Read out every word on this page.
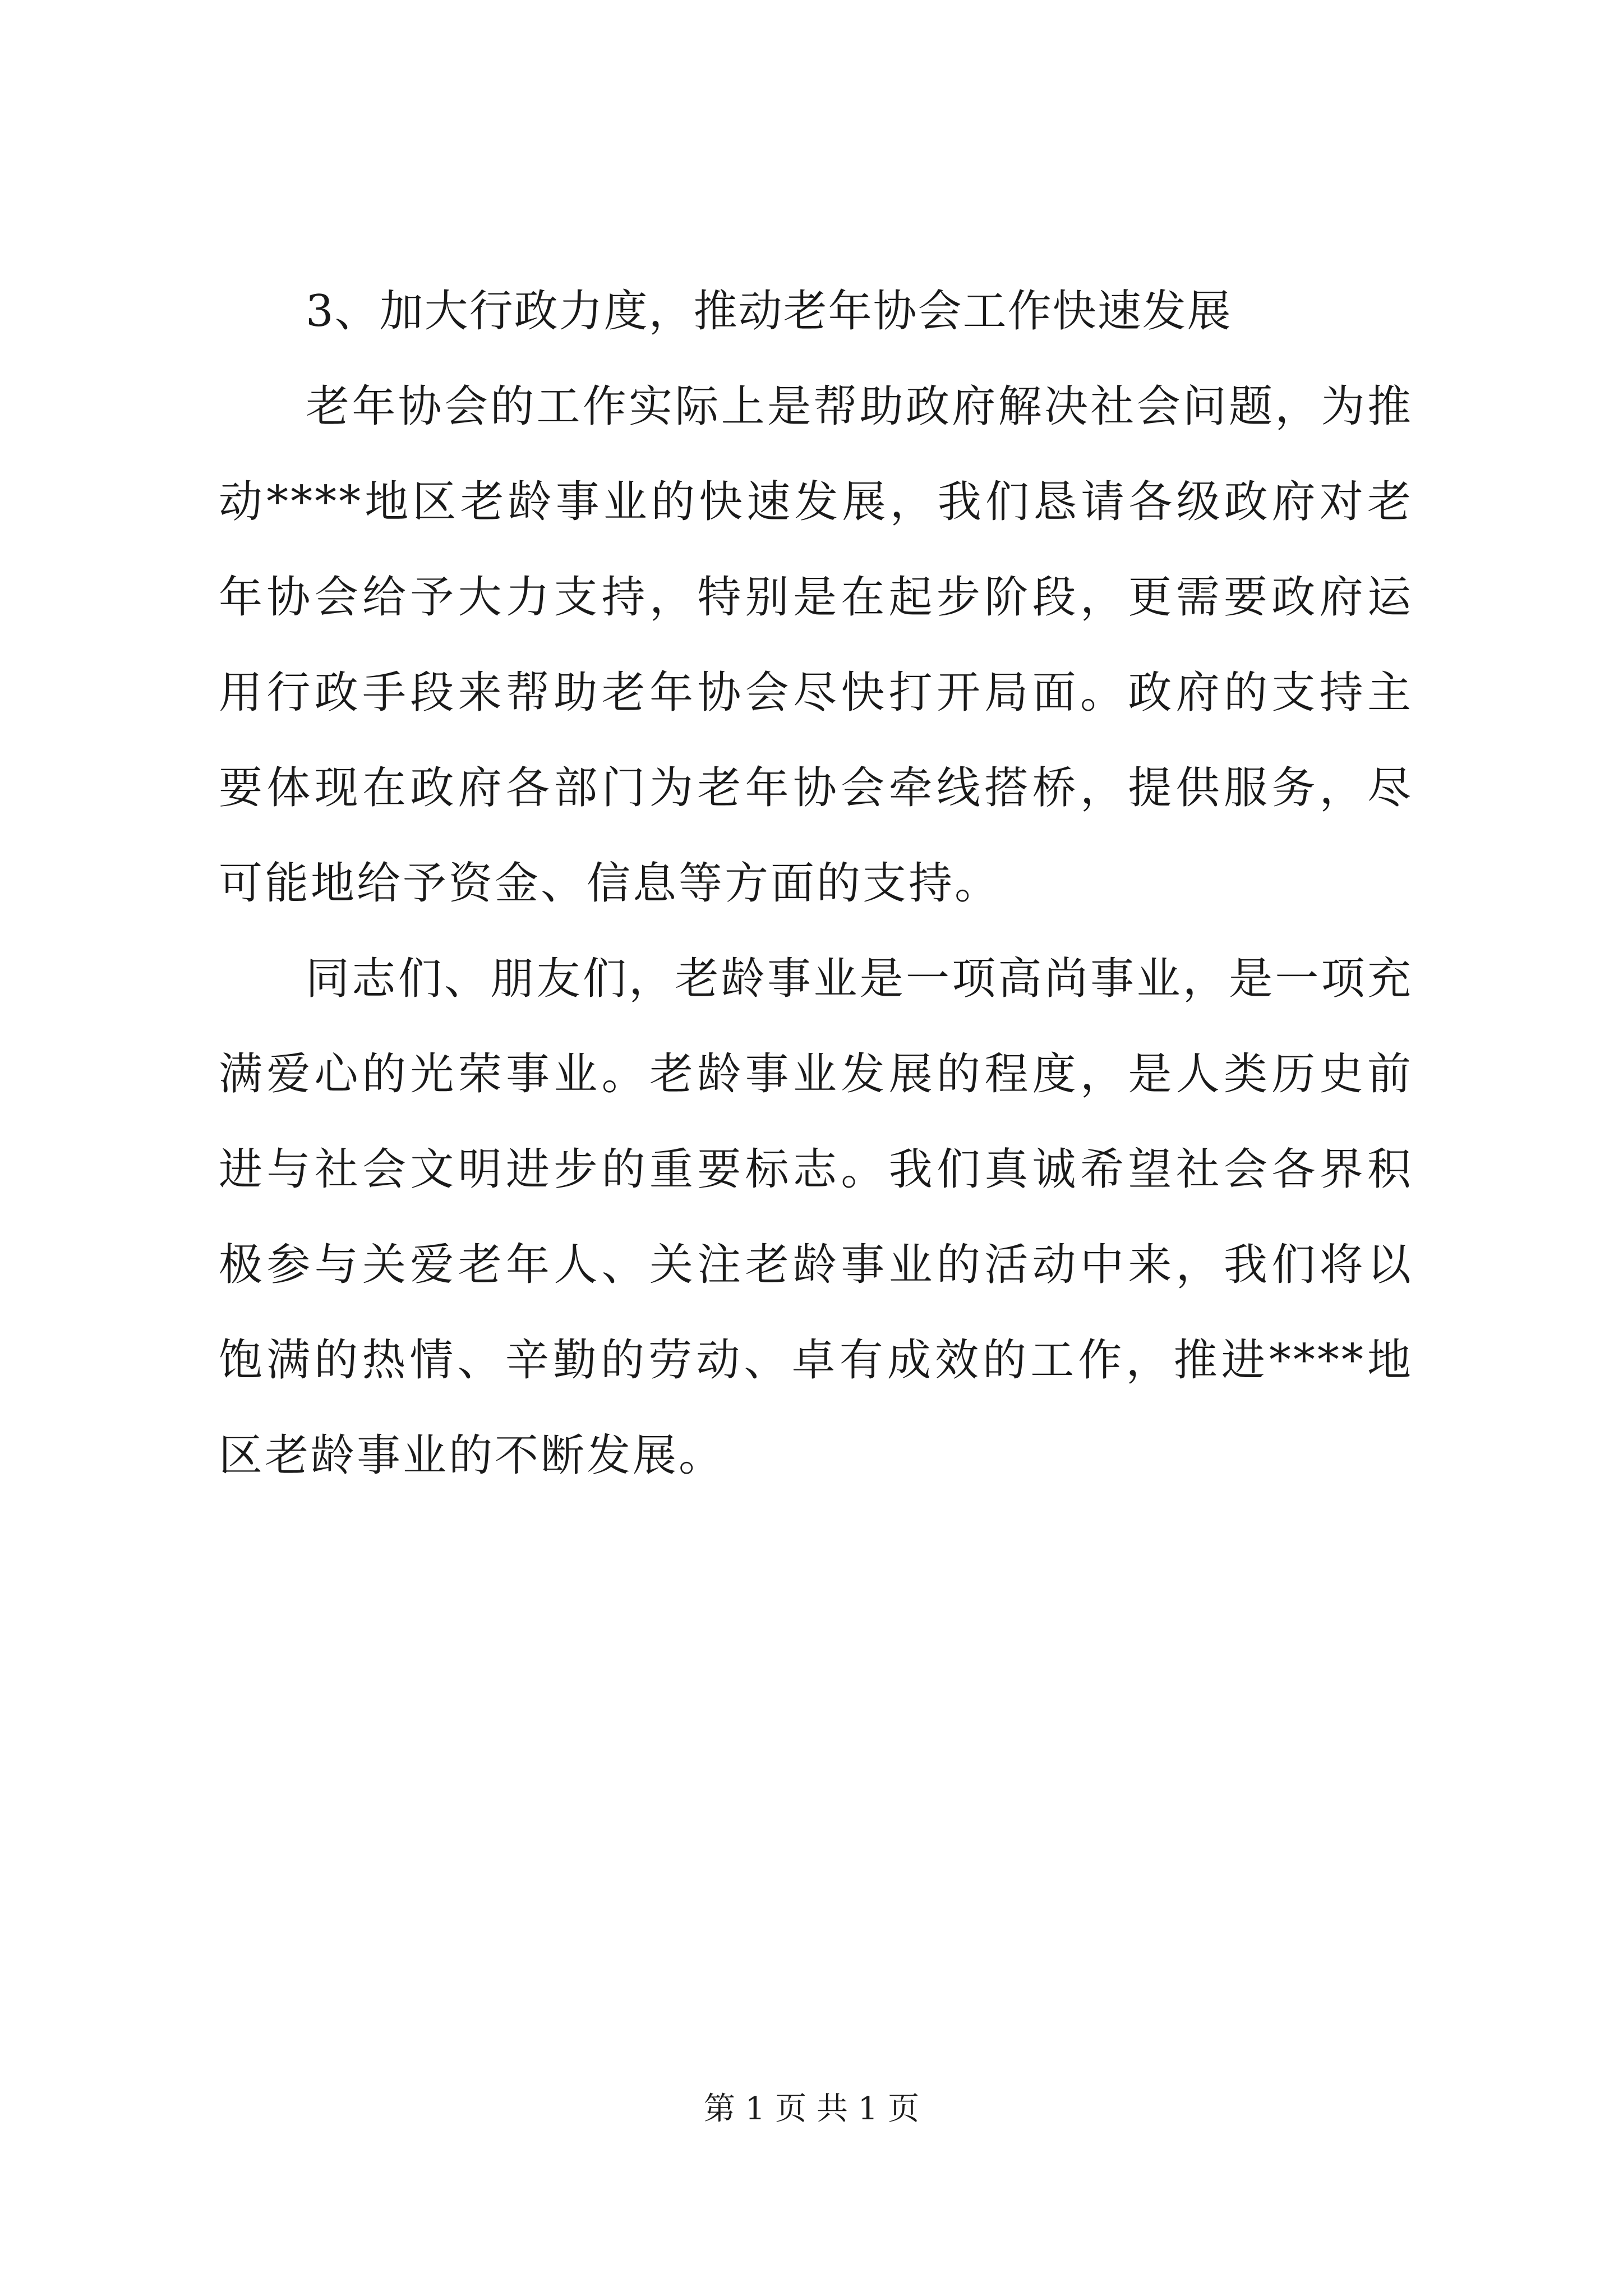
3、加大行政力度，推动老年协会工作快速发展

老年协会的工作实际上是帮助政府解决社会问题，为推动****地区老龄事业的快速发展，我们恳请各级政府对老年协会给予大力支持，特别是在起步阶段，更需要政府运用行政手段来帮助老年协会尽快打开局面。政府的支持主要体现在政府各部门为老年协会牵线搭桥，提供服务，尽可能地给予资金、信息等方面的支持。

同志们、朋友们，老龄事业是一项高尚事业，是一项充满爱心的光荣事业。老龄事业发展的程度，是人类历史前进与社会文明进步的重要标志。我们真诚希望社会各界积极参与关爱老年人、关注老龄事业的活动中来，我们将以饱满的热情、辛勤的劳动、卓有成效的工作，推进****地区老龄事业的不断发展。

第 1 页 共 1 页
